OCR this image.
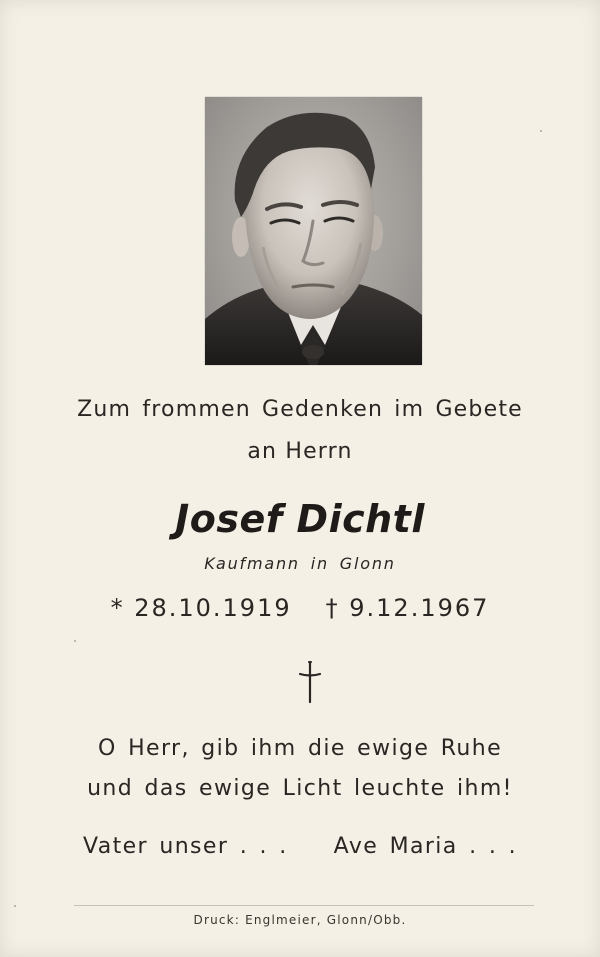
Zum frommen Gedenken im Gebete
an Herrn
Josef Dichtl
Kaufmann in Glonn
* 28.10.1919 † 9.12.1967
O Herr, gib ihm die ewige Ruhe
und das ewige Licht leuchte ihm!
Vater unser . . . Ave Maria . . .
Druck: Englmeier, Glonn/Obb.
